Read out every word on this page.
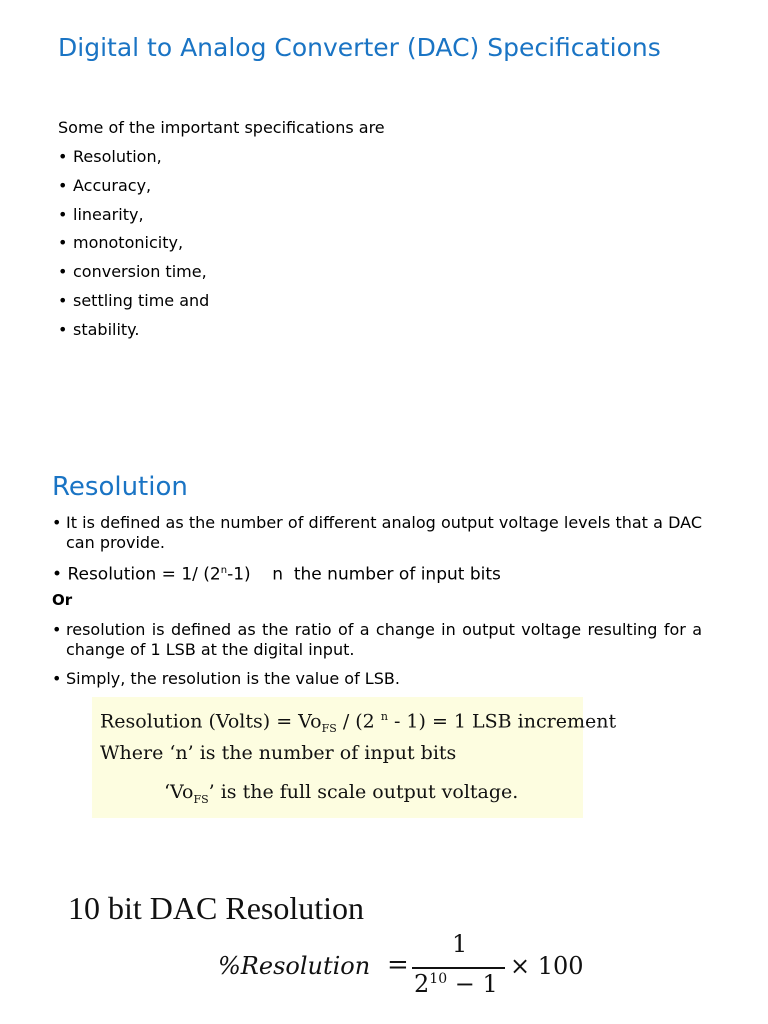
Digital to Analog Converter (DAC) Specifications
Some of the important specifications are
• Resolution,
• Accuracy,
• linearity,
• monotonicity,
• conversion time,
• settling time and
• stability.
Resolution
• It is defined as the number of different analog output voltage levels that a DAC can provide.
• Resolution = 1/ (2$^n$-1) n  the number of input bits
Or
• resolution is defined as the ratio of a change in output voltage resulting for a change of 1 LSB at the digital input.
• Simply, the resolution is the value of LSB.
Resolution (Volts) = $Vo_{FS} / (2$ $^n$ - 1) = 1 LSB increment
Where ‘n’ is the number of input bits
‘$Vo_{FS}$’ is the full scale output voltage.
10 bit DAC Resolution
%Resolution =
1
$2^{10} - 1$
× 100
